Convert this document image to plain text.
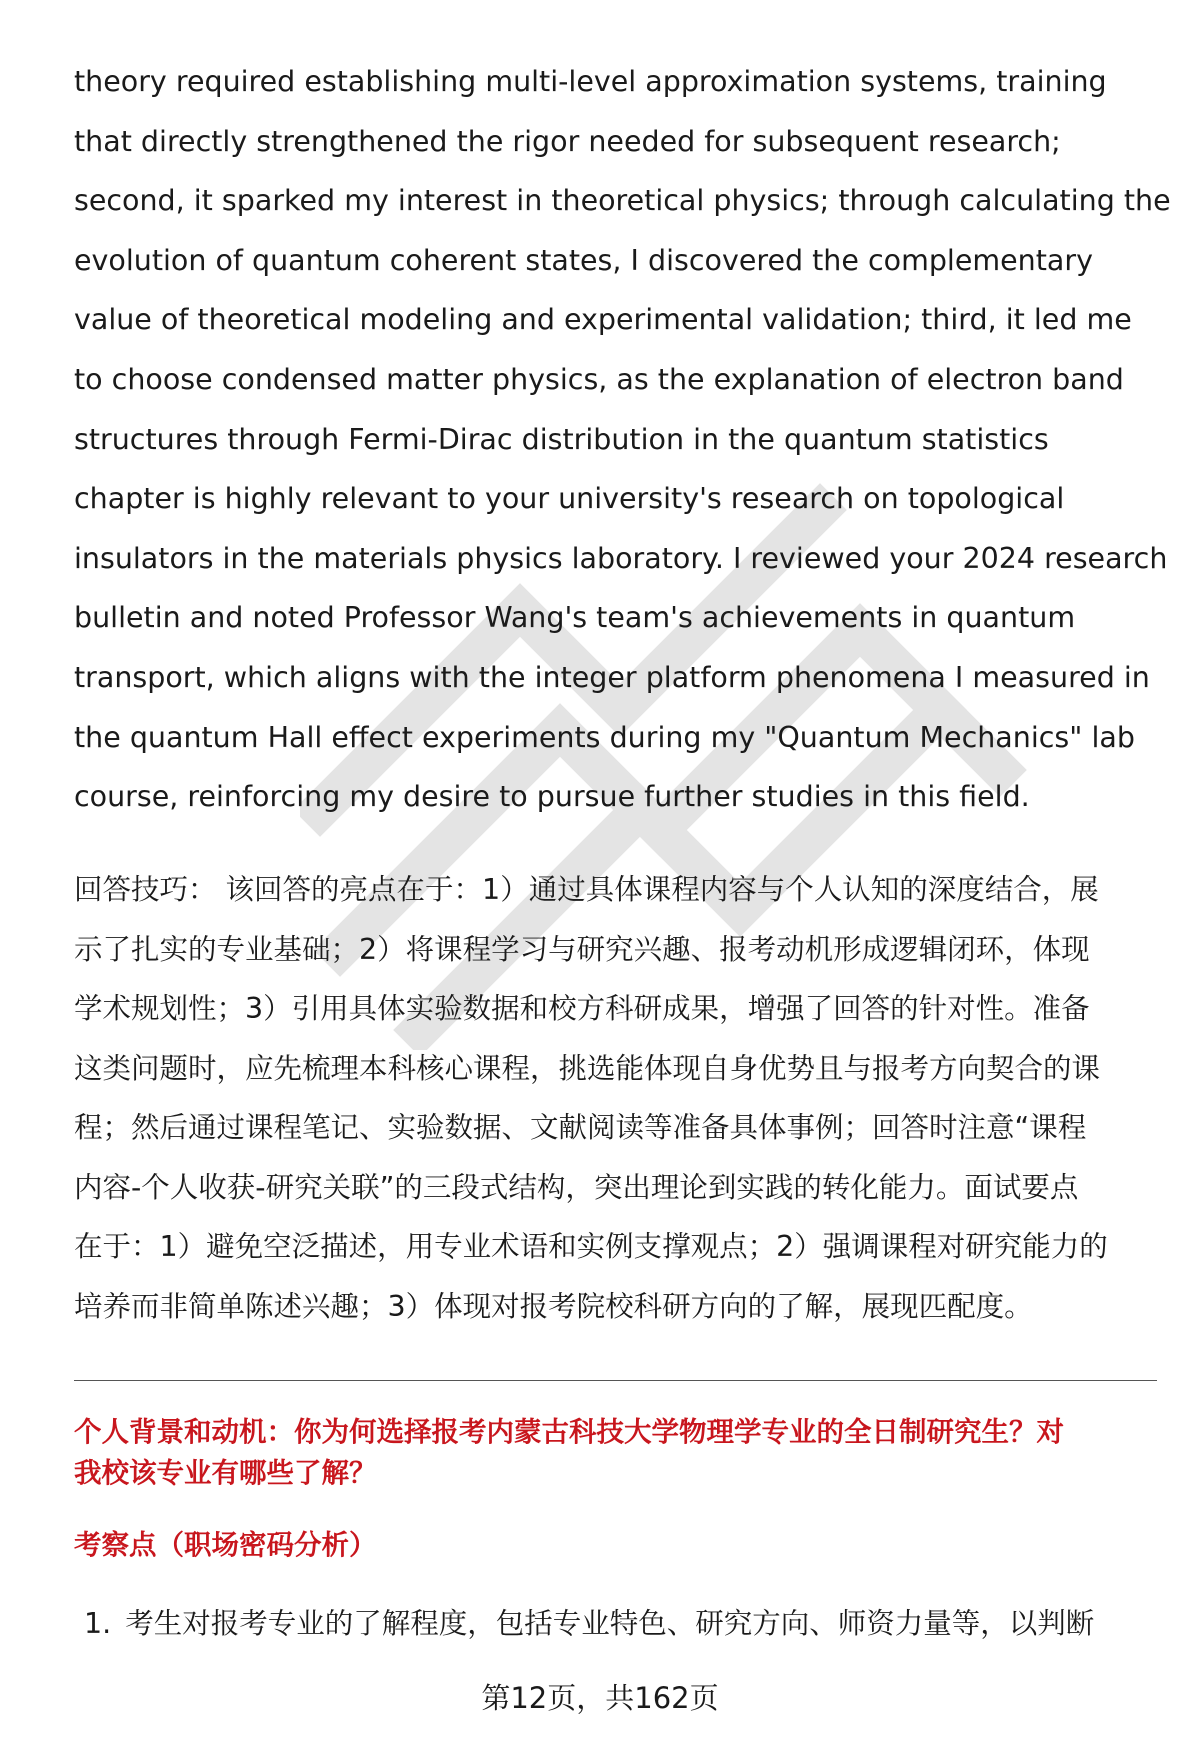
theory required establishing multi-level approximation systems, training
that directly strengthened the rigor needed for subsequent research;
second, it sparked my interest in theoretical physics; through calculating the
evolution of quantum coherent states, I discovered the complementary
value of theoretical modeling and experimental validation; third, it led me
to choose condensed matter physics, as the explanation of electron band
structures through Fermi-Dirac distribution in the quantum statistics
chapter is highly relevant to your university's research on topological
insulators in the materials physics laboratory. I reviewed your 2024 research
bulletin and noted Professor Wang's team's achievements in quantum
transport, which aligns with the integer platform phenomena I measured in
the quantum Hall effect experiments during my "Quantum Mechanics" lab
course, reinforcing my desire to pursue further studies in this field.

回答技巧： 该回答的亮点在于：1）通过具体课程内容与个人认知的深度结合，展
示了扎实的专业基础；2）将课程学习与研究兴趣、报考动机形成逻辑闭环，体现
学术规划性；3）引用具体实验数据和校方科研成果，增强了回答的针对性。准备
这类问题时，应先梳理本科核心课程，挑选能体现自身优势且与报考方向契合的课
程；然后通过课程笔记、实验数据、文献阅读等准备具体事例；回答时注意“课程
内容-个人收获-研究关联”的三段式结构，突出理论到实践的转化能力。面试要点
在于：1）避免空泛描述，用专业术语和实例支撑观点；2）强调课程对研究能力的
培养而非简单陈述兴趣；3）体现对报考院校科研方向的了解，展现匹配度。

个人背景和动机：你为何选择报考内蒙古科技大学物理学专业的全日制研究生？对
我校该专业有哪些了解？
考察点（职场密码分析）
1. 考生对报考专业的了解程度，包括专业特色、研究方向、师资力量等，以判断
第12页，共162页
